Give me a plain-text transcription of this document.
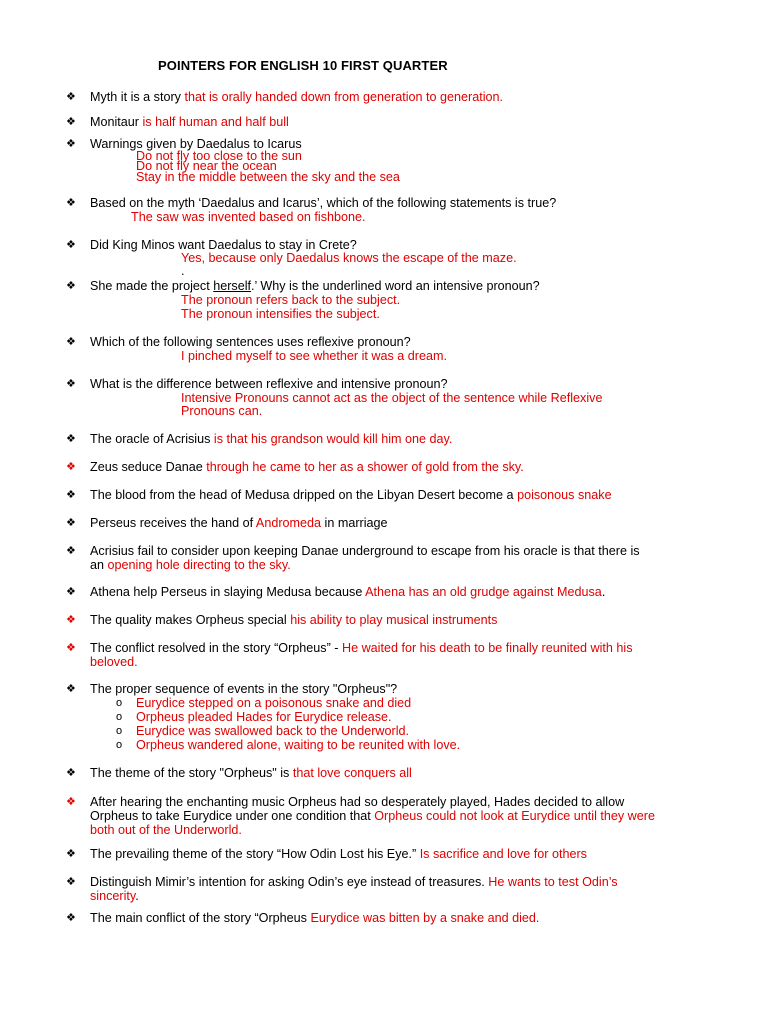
POINTERS FOR ENGLISH 10 FIRST QUARTER
❖ Myth it is a story that is orally handed down from generation to generation.
❖ Monitaur is half human and half bull
❖ Warnings given by Daedalus to Icarus
Do not fly too close to the sun
Do not fly near the ocean
Stay in the middle between the sky and the sea
❖ Based on the myth ‘Daedalus and Icarus’, which of the following statements is true?
The saw was invented based on fishbone.
❖ Did King Minos want Daedalus to stay in Crete?
Yes, because only Daedalus knows the escape of the maze.
.
❖ She made the project herself.’ Why is the underlined word an intensive pronoun?
The pronoun refers back to the subject.
The pronoun intensifies the subject.
❖ Which of the following sentences uses reflexive pronoun?
I pinched myself to see whether it was a dream.
❖ What is the difference between reflexive and intensive pronoun?
Intensive Pronouns cannot act as the object of the sentence while Reflexive
Pronouns can.
❖ The oracle of Acrisius is that his grandson would kill him one day.
❖ Zeus seduce Danae through he came to her as a shower of gold from the sky.
❖ The blood from the head of Medusa dripped on the Libyan Desert become a poisonous snake
❖ Perseus receives the hand of Andromeda in marriage
❖ Acrisius fail to consider upon keeping Danae underground to escape from his oracle is that there is
an opening hole directing to the sky.
❖ Athena help Perseus in slaying Medusa because Athena has an old grudge against Medusa.
❖ The quality makes Orpheus special his ability to play musical instruments
❖ The conflict resolved in the story “Orpheus” - He waited for his death to be finally reunited with his
beloved.
❖ The proper sequence of events in the story "Orpheus"?
o Eurydice stepped on a poisonous snake and died
o Orpheus pleaded Hades for Eurydice release.
o Eurydice was swallowed back to the Underworld.
o Orpheus wandered alone, waiting to be reunited with love.
❖ The theme of the story "Orpheus" is that love conquers all
❖ After hearing the enchanting music Orpheus had so desperately played, Hades decided to allow
Orpheus to take Eurydice under one condition that Orpheus could not look at Eurydice until they were
both out of the Underworld.
❖ The prevailing theme of the story “How Odin Lost his Eye.” Is sacrifice and love for others
❖ Distinguish Mimir’s intention for asking Odin’s eye instead of treasures. He wants to test Odin’s
sincerity.
❖ The main conflict of the story “Orpheus Eurydice was bitten by a snake and died.
